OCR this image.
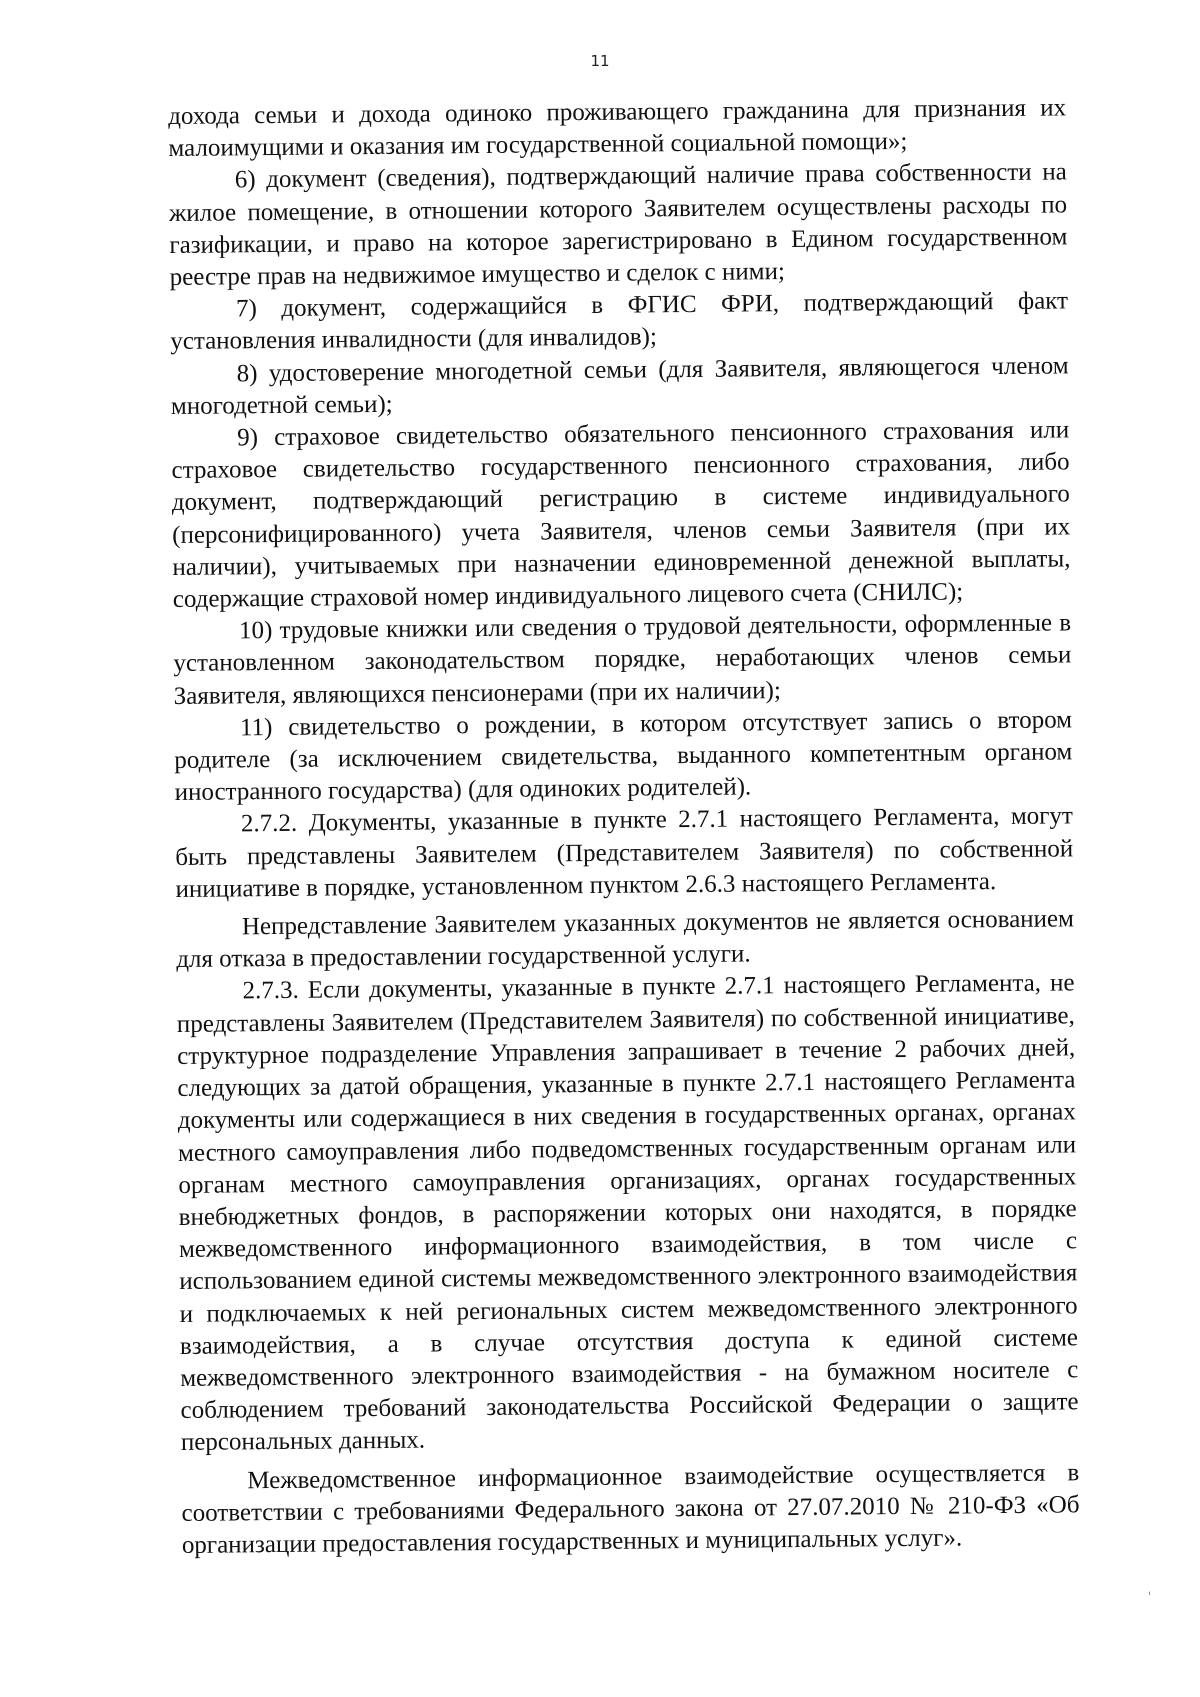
11

дохода семьи и дохода одиноко проживающего гражданина для признания их малоимущими и оказания им государственной социальной помощи»;

6) документ (сведения), подтверждающий наличие права собственности на жилое помещение, в отношении которого Заявителем осуществлены расходы по газификации, и право на которое зарегистрировано в Едином государственном реестре прав на недвижимое имущество и сделок с ними;

7) документ, содержащийся в ФГИС ФРИ, подтверждающий факт установления инвалидности (для инвалидов);

8) удостоверение многодетной семьи (для Заявителя, являющегося членом многодетной семьи);

9) страховое свидетельство обязательного пенсионного страхования или страховое свидетельство государственного пенсионного страхования, либо документ, подтверждающий регистрацию в системе индивидуального (персонифицированного) учета Заявителя, членов семьи Заявителя (при их наличии), учитываемых при назначении единовременной денежной выплаты, содержащие страховой номер индивидуального лицевого счета (СНИЛС);

10) трудовые книжки или сведения о трудовой деятельности, оформленные в установленном законодательством порядке, неработающих членов семьи Заявителя, являющихся пенсионерами (при их наличии);

11) свидетельство о рождении, в котором отсутствует запись о втором родителе (за исключением свидетельства, выданного компетентным органом иностранного государства) (для одиноких родителей).

2.7.2. Документы, указанные в пункте 2.7.1 настоящего Регламента, могут быть представлены Заявителем (Представителем Заявителя) по собственной инициативе в порядке, установленном пунктом 2.6.3 настоящего Регламента.

Непредставление Заявителем указанных документов не является основанием для отказа в предоставлении государственной услуги.

2.7.3. Если документы, указанные в пункте 2.7.1 настоящего Регламента, не представлены Заявителем (Представителем Заявителя) по собственной инициативе, структурное подразделение Управления запрашивает в течение 2 рабочих дней, следующих за датой обращения, указанные в пункте 2.7.1 настоящего Регламента документы или содержащиеся в них сведения в государственных органах, органах местного самоуправления либо подведомственных государственным органам или органам местного самоуправления организациях, органах государственных внебюджетных фондов, в распоряжении которых они находятся, в порядке межведомственного информационного взаимодействия, в том числе с использованием единой системы межведомственного электронного взаимодействия и подключаемых к ней региональных систем межведомственного электронного взаимодействия, а в случае отсутствия доступа к единой системе межведомственного электронного взаимодействия - на бумажном носителе с соблюдением требований законодательства Российской Федерации о защите персональных данных.

Межведомственное информационное взаимодействие осуществляется в соответствии с требованиями Федерального закона от 27.07.2010 № 210-ФЗ «Об организации предоставления государственных и муниципальных услуг».

ˌ
